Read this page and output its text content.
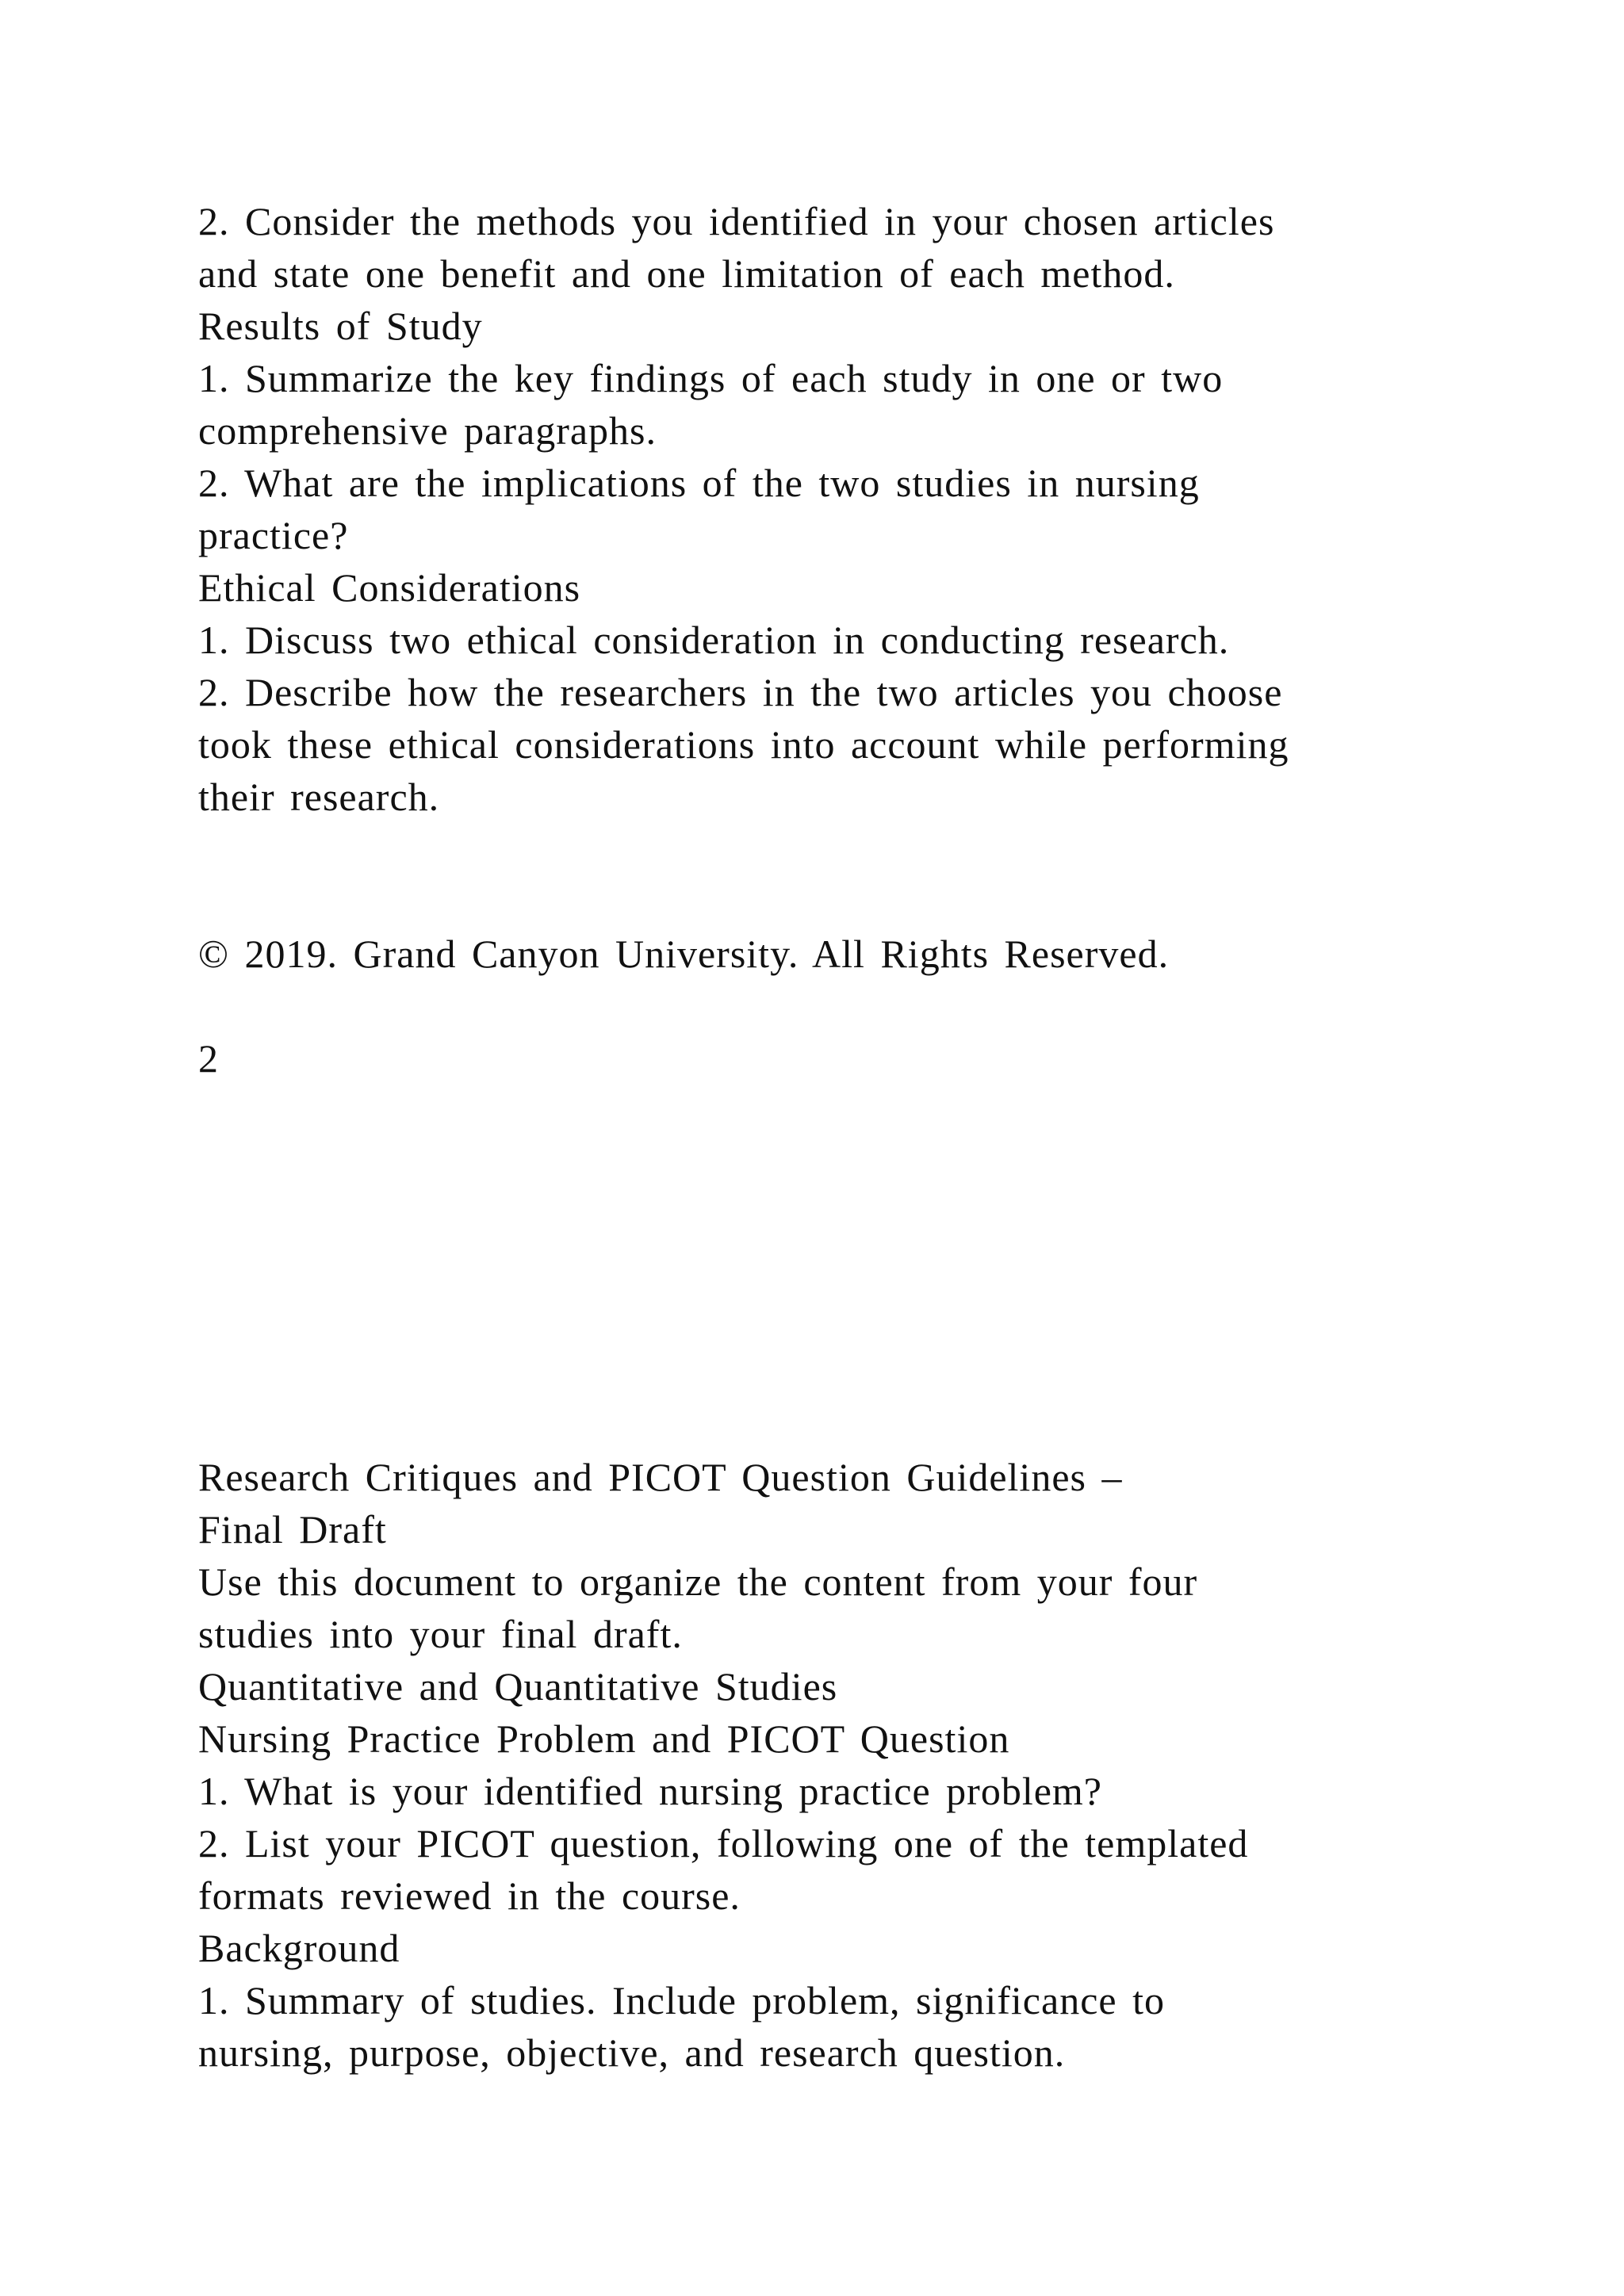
2. Consider the methods you identified in your chosen articles

and state one benefit and one limitation of each method.

Results of Study

1. Summarize the key findings of each study in one or two

comprehensive paragraphs.

2. What are the implications of the two studies in nursing

practice?

Ethical Considerations

1. Discuss two ethical consideration in conducting research.

2. Describe how the researchers in the two articles you choose

took these ethical considerations into account while performing

their research.

© 2019. Grand Canyon University. All Rights Reserved.

2

Research Critiques and PICOT Question Guidelines –

Final Draft

Use this document to organize the content from your four

studies into your final draft.

Quantitative and Quantitative Studies

Nursing Practice Problem and PICOT Question

1. What is your identified nursing practice problem?

2. List your PICOT question, following one of the templated

formats reviewed in the course.

Background

1. Summary of studies. Include problem, significance to

nursing, purpose, objective, and research question.
